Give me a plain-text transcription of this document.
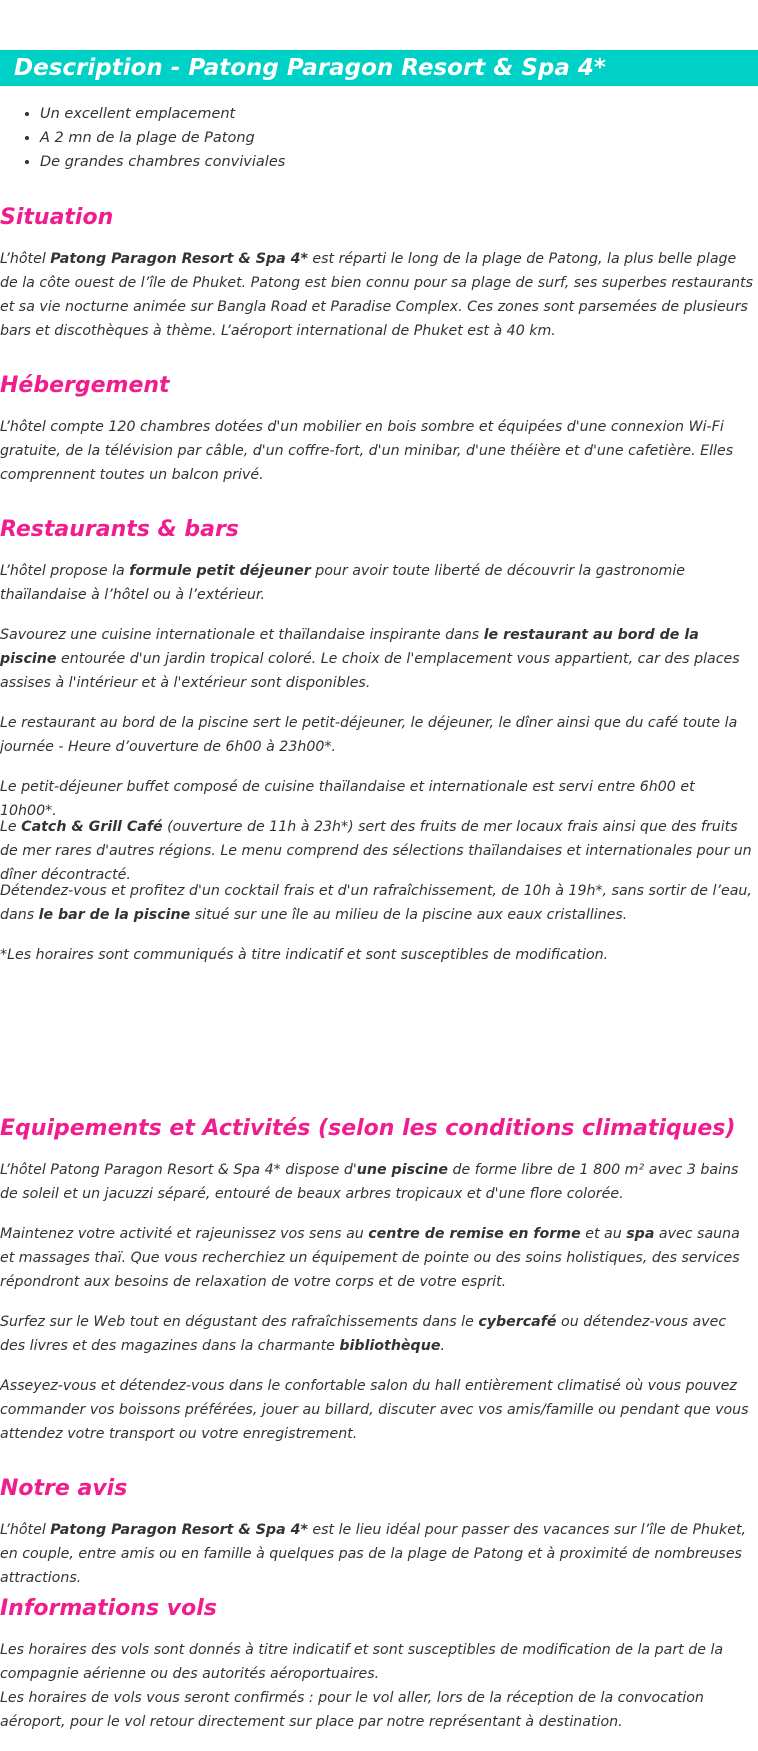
Description - Patong Paragon Resort & Spa 4*
• Un excellent emplacement
• A 2 mn de la plage de Patong
• De grandes chambres conviviales
Situation

L’hôtel Patong Paragon Resort & Spa 4* est réparti le long de la plage de Patong, la plus belle plage de la côte ouest de l’île de Phuket. Patong est bien connu pour sa plage de surf, ses superbes restaurants et sa vie nocturne animée sur Bangla Road et Paradise Complex. Ces zones sont parsemées de plusieurs bars et discothèques à thème. L’aéroport international de Phuket est à 40 km.

Hébergement

L’hôtel compte 120 chambres dotées d'un mobilier en bois sombre et équipées d'une connexion Wi-Fi gratuite, de la télévision par câble, d'un coffre-fort, d'un minibar, d'une théière et d'une cafetière. Elles comprennent toutes un balcon privé.

Restaurants & bars

L’hôtel propose la formule petit déjeuner pour avoir toute liberté de découvrir la gastronomie thaïlandaise à l’hôtel ou à l’extérieur.

Savourez une cuisine internationale et thaïlandaise inspirante dans le restaurant au bord de la piscine entourée d'un jardin tropical coloré. Le choix de l'emplacement vous appartient, car des places assises à l'intérieur et à l'extérieur sont disponibles.

Le restaurant au bord de la piscine sert le petit-déjeuner, le déjeuner, le dîner ainsi que du café toute la journée - Heure d’ouverture de 6h00 à 23h00*.

Le petit-déjeuner buffet composé de cuisine thaïlandaise et internationale est servi entre 6h00 et 10h00*.

Le Catch & Grill Café (ouverture de 11h à 23h*) sert des fruits de mer locaux frais ainsi que des fruits de mer rares d'autres régions. Le menu comprend des sélections thaïlandaises et internationales pour un dîner décontracté.

Détendez-vous et profitez d'un cocktail frais et d'un rafraîchissement, de 10h à 19h*, sans sortir de l’eau, dans le bar de la piscine situé sur une île au milieu de la piscine aux eaux cristallines.

*Les horaires sont communiqués à titre indicatif et sont susceptibles de modification.

Equipements et Activités (selon les conditions climatiques)

L’hôtel Patong Paragon Resort & Spa 4* dispose d'une piscine de forme libre de 1 800 m² avec 3 bains de soleil et un jacuzzi séparé, entouré de beaux arbres tropicaux et d'une flore colorée.

Maintenez votre activité et rajeunissez vos sens au centre de remise en forme et au spa avec sauna et massages thaï. Que vous recherchiez un équipement de pointe ou des soins holistiques, des services répondront aux besoins de relaxation de votre corps et de votre esprit.

Surfez sur le Web tout en dégustant des rafraîchissements dans le cybercafé ou détendez-vous avec des livres et des magazines dans la charmante bibliothèque.

Asseyez-vous et détendez-vous dans le confortable salon du hall entièrement climatisé où vous pouvez commander vos boissons préférées, jouer au billard, discuter avec vos amis/famille ou pendant que vous attendez votre transport ou votre enregistrement.

Notre avis

L’hôtel Patong Paragon Resort & Spa 4* est le lieu idéal pour passer des vacances sur l’île de Phuket, en couple, entre amis ou en famille à quelques pas de la plage de Patong et à proximité de nombreuses attractions.

Informations vols

Les horaires des vols sont donnés à titre indicatif et sont susceptibles de modification de la part de la compagnie aérienne ou des autorités aéroportuaires.
Les horaires de vols vous seront confirmés : pour le vol aller, lors de la réception de la convocation aéroport, pour le vol retour directement sur place par notre représentant à destination.
